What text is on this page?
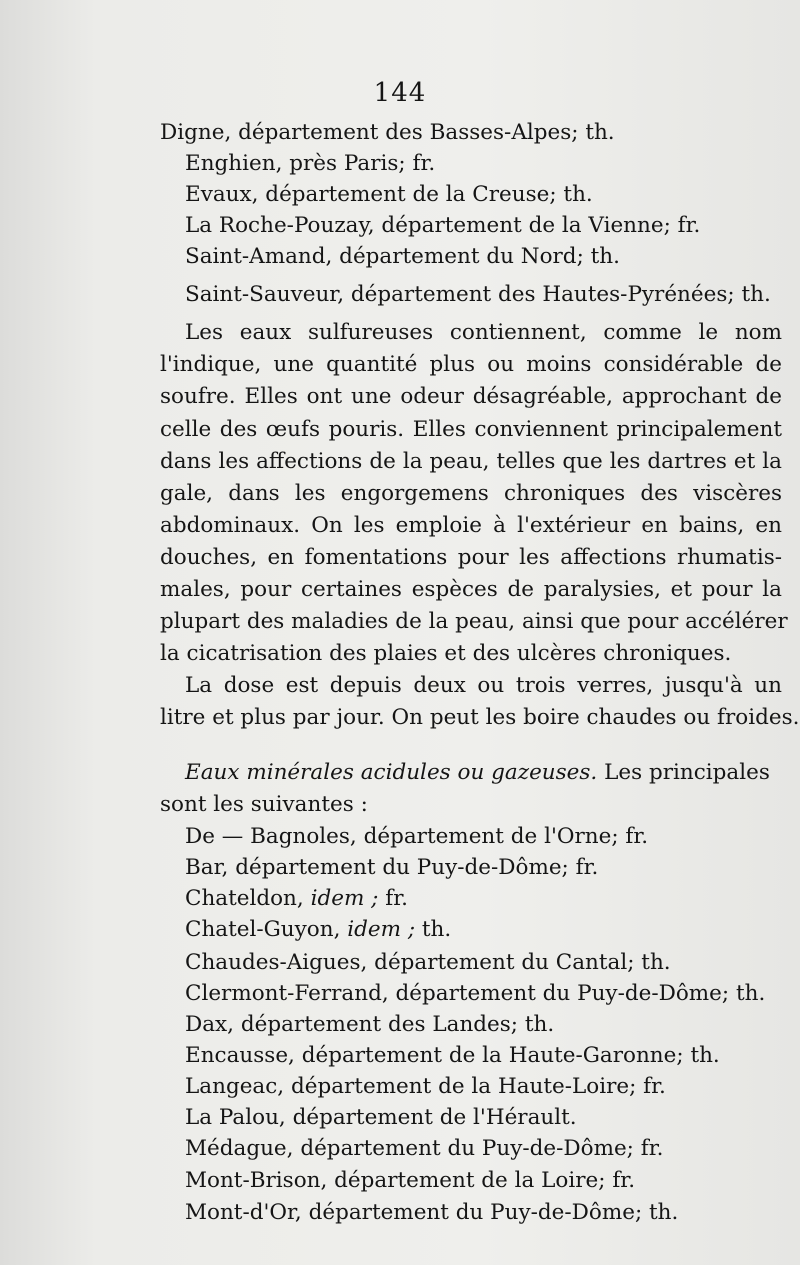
144
Digne, département des Basses-Alpes; th.
Enghien, près Paris; fr.
Evaux, département de la Creuse; th.
La Roche-Pouzay, département de la Vienne; fr.
Saint-Amand, département du Nord; th.
Saint-Sauveur, département des Hautes-Pyrénées; th.
Les eaux sulfureuses contiennent, comme le nom
l'indique, une quantité plus ou moins considérable de
soufre. Elles ont une odeur désagréable, approchant de
celle des œufs pouris. Elles conviennent principalement
dans les affections de la peau, telles que les dartres et la
gale, dans les engorgemens chroniques des viscères
abdominaux. On les emploie à l'extérieur en bains, en
douches, en fomentations pour les affections rhumatis-
males, pour certaines espèces de paralysies, et pour la
plupart des maladies de la peau, ainsi que pour accélérer
la cicatrisation des plaies et des ulcères chroniques.
La dose est depuis deux ou trois verres, jusqu'à un
litre et plus par jour. On peut les boire chaudes ou froides.
Eaux minérales acidules ou gazeuses. Les principales
sont les suivantes :
De — Bagnoles, département de l'Orne; fr.
Bar, département du Puy-de-Dôme; fr.
Chateldon, idem ; fr.
Chatel-Guyon, idem ; th.
Chaudes-Aigues, département du Cantal; th.
Clermont-Ferrand, département du Puy-de-Dôme; th.
Dax, département des Landes; th.
Encausse, département de la Haute-Garonne; th.
Langeac, département de la Haute-Loire; fr.
La Palou, département de l'Hérault.
Médague, département du Puy-de-Dôme; fr.
Mont-Brison, département de la Loire; fr.
Mont-d'Or, département du Puy-de-Dôme; th.
